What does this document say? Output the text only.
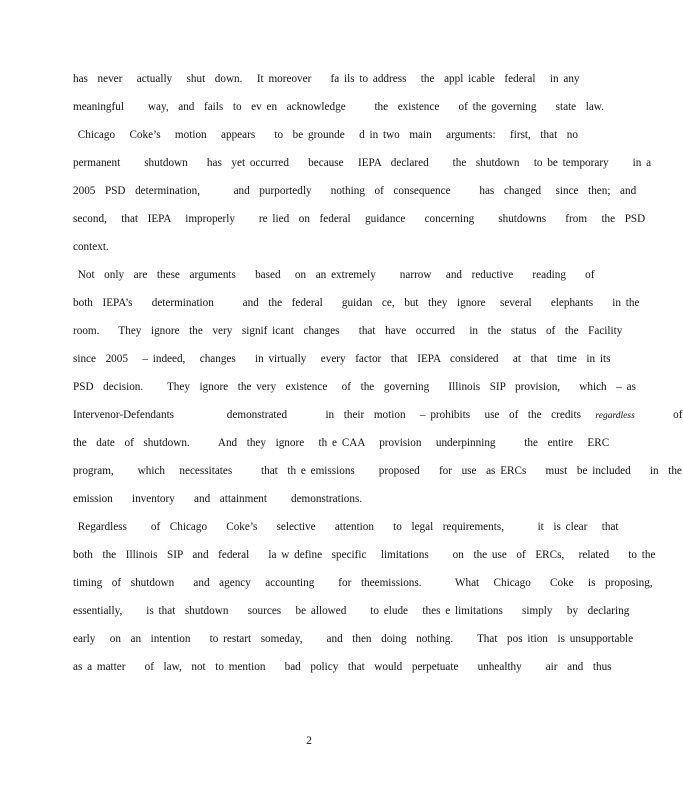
has  never   actually   shut  down.   It moreover    fa ils to address   the  appl icable  federal   in any
meaningful     way,  and  fails  to  ev en  acknowledge      the  existence    of the governing    state  law.
Chicago   Coke’s   motion   appears    to  be grounde   d in two  main   arguments:   first,  that  no
permanent     shutdown    has  yet occurred    because   IEPA  declared     the  shutdown   to be temporary     in a
2005  PSD  determination,       and  purportedly    nothing  of  consequence      has  changed   since  then;  and
second,   that  IEPA   improperly     re lied  on  federal   guidance    concerning     shutdowns    from   the  PSD
context.
Not  only  are  these  arguments    based   on  an extremely     narrow   and  reductive    reading    of
both  IEPA’s    determination      and  the  federal    guidan  ce,  but  they  ignore   several    elephants    in the
room.    They  ignore  the  very  signif icant  changes    that  have  occurred   in  the  status  of  the  Facility
since  2005   – indeed,   changes    in virtually   every  factor  that  IEPA  considered   at  that  time  in its
PSD  decision.     They  ignore  the very  existence   of  the  governing    Illinois  SIP  provision,    which  – as
Intervenor-Defendants           demonstrated        in  their  motion   – prohibits   use  of  the  credits   regardless	of
the  date  of  shutdown.      And  they  ignore   th e CAA   provision   underpinning      the  entire   ERC
program,     which   necessitates      that  th e emissions     proposed    for  use  as ERCs    must  be included    in  the
emission    inventory    and  attainment     demonstrations.
Regardless     of  Chicago    Coke’s    selective    attention    to  legal  requirements,       it  is clear   that
both  the  Illinois  SIP  and  federal    la w define  specific   limitations     on  the use  of  ERCs,   related    to the
timing  of  shutdown    and  agency   accounting     for  theemissions.       What   Chicago    Coke   is  proposing,
essentially,     is that  shutdown    sources   be allowed     to elude   thes e limitations    simply   by  declaring
early   on  an  intention    to restart  someday,     and  then  doing  nothing.     That  pos ition  is unsupportable
as a matter    of  law,  not  to mention    bad  policy  that  would  perpetuate    unhealthy     air  and  thus
2
